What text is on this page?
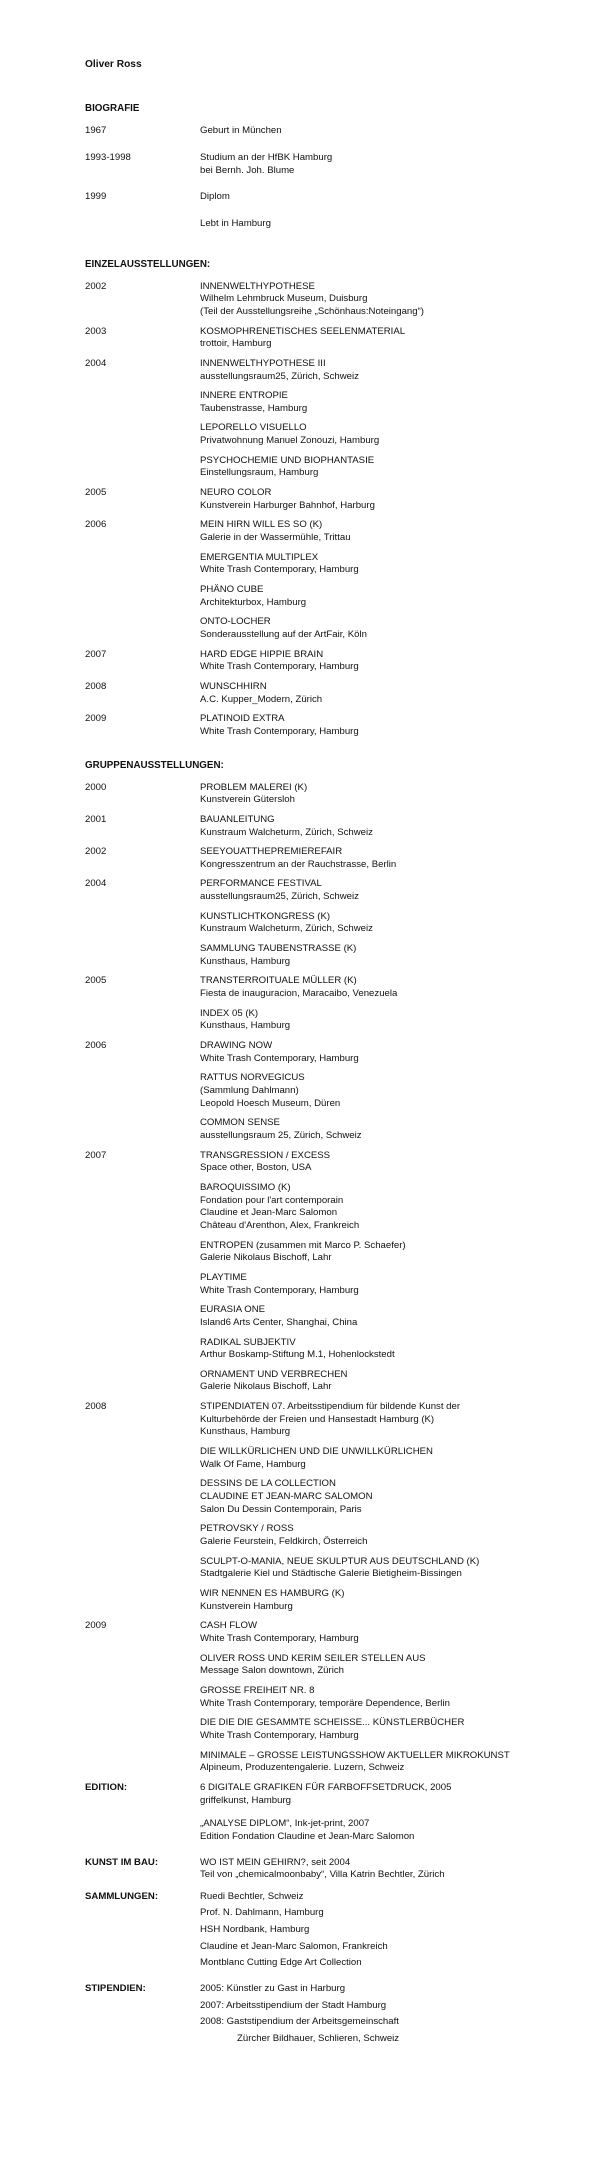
Oliver Ross
BIOGRAFIE
1967	Geburt in München
1993-1998	Studium an der HfBK Hamburg
bei Bernh. Joh. Blume
1999	Diplom
Lebt in Hamburg
EINZELAUSSTELLUNGEN:
2002	INNENWELTHYPOTHESE
Wilhelm Lehmbruck Museum, Duisburg
(Teil der Ausstellungsreihe „Schönhaus:Noteingang“)
2003	KOSMOPHRENETISCHES SEELENMATERIAL
trottoir, Hamburg
2004	INNENWELTHYPOTHESE III
ausstellungsraum25, Zürich, Schweiz
INNERE ENTROPIE
Taubenstrasse, Hamburg
LEPORELLO VISUELLO
Privatwohnung Manuel Zonouzi, Hamburg
PSYCHOCHEMIE UND BIOPHANTASIE
Einstellungsraum, Hamburg
2005	NEURO COLOR
Kunstverein Harburger Bahnhof, Harburg
2006	MEIN HIRN WILL ES SO (K)
Galerie in der Wassermühle, Trittau
EMERGENTIA MULTIPLEX
White Trash Contemporary, Hamburg
PHÄNO CUBE
Architekturbox, Hamburg
ONTO-LOCHER
Sonderausstellung auf der ArtFair, Köln
2007	HARD EDGE HIPPIE BRAIN
White Trash Contemporary, Hamburg
2008	WUNSCHHIRN
A.C. Kupper_Modern, Zürich
2009	PLATINOID EXTRA
White Trash Contemporary, Hamburg
GRUPPENAUSSTELLUNGEN:
2000	PROBLEM MALEREI (K)
Kunstverein Gütersloh
2001	BAUANLEITUNG
Kunstraum Walcheturm, Zürich, Schweiz
2002	SEEYOUATTHEPREMIEREFAIR
Kongresszentrum an der Rauchstrasse, Berlin
2004	PERFORMANCE FESTIVAL
ausstellungsraum25, Zürich, Schweiz
KUNSTLICHTKONGRESS (K)
Kunstraum Walcheturm, Zürich, Schweiz
SAMMLUNG TAUBENSTRASSE (K)
Kunsthaus, Hamburg
2005	TRANSTERROITUALE MÜLLER (K)
Fiesta de inauguracion, Maracaibo, Venezuela
INDEX 05 (K)
Kunsthaus, Hamburg
2006	DRAWING NOW
White Trash Contemporary, Hamburg
RATTUS NORVEGICUS
(Sammlung Dahlmann)
Leopold Hoesch Museum, Düren
COMMON SENSE
ausstellungsraum 25, Zürich, Schweiz
2007	TRANSGRESSION / EXCESS
Space other, Boston, USA
BAROQUISSIMO (K)
Fondation pour l'art contemporain
Claudine et Jean-Marc Salomon
Château d'Arenthon, Alex, Frankreich
ENTROPEN (zusammen mit Marco P. Schaefer)
Galerie Nikolaus Bischoff, Lahr
PLAYTIME
White Trash Contemporary, Hamburg
EURASIA ONE
Island6 Arts Center, Shanghai, China
RADIKAL SUBJEKTIV
Arthur Boskamp-Stiftung M.1, Hohenlockstedt
ORNAMENT UND VERBRECHEN
Galerie Nikolaus Bischoff, Lahr
2008	STIPENDIATEN 07. Arbeitsstipendium für bildende Kunst der
Kulturbehörde der Freien und Hansestadt Hamburg (K)
Kunsthaus, Hamburg
DIE WILLKÜRLICHEN UND DIE UNWILLKÜRLICHEN
Walk Of Fame, Hamburg
DESSINS DE LA COLLECTION
CLAUDINE ET JEAN-MARC SALOMON
Salon Du Dessin Contemporain, Paris
PETROVSKY / ROSS
Galerie Feurstein, Feldkirch, Österreich
SCULPT-O-MANIA, NEUE SKULPTUR AUS DEUTSCHLAND (K)
Stadtgalerie Kiel und Städtische Galerie Bietigheim-Bissingen
WIR NENNEN ES HAMBURG (K)
Kunstverein Hamburg
2009	CASH FLOW
White Trash Contemporary, Hamburg
OLIVER ROSS UND KERIM SEILER STELLEN AUS
Message Salon downtown, Zürich
GROSSE FREIHEIT NR. 8
White Trash Contemporary, temporäre Dependence, Berlin
DIE DIE DIE GESAMMTE SCHEISSE... KÜNSTLERBÜCHER
White Trash Contemporary, Hamburg
MINIMALE – GROSSE LEISTUNGSSHOW AKTUELLER MIKROKUNST
Alpineum, Produzentengalerie. Luzern, Schweiz
EDITION:	6 DIGITALE GRAFIKEN FÜR FARBOFFSETDRUCK, 2005
griffelkunst, Hamburg
„ANALYSE DIPLOM“, Ink-jet-print, 2007
Edition Fondation Claudine et Jean-Marc Salomon
KUNST IM BAU:	WO IST MEIN GEHIRN?, seit 2004
Teil von „chemicalmoonbaby“, Villa Katrin Bechtler, Zürich
SAMMLUNGEN:	Ruedi Bechtler, Schweiz
Prof. N. Dahlmann, Hamburg
HSH Nordbank, Hamburg
Claudine et Jean-Marc Salomon, Frankreich
Montblanc Cutting Edge Art Collection
STIPENDIEN:	2005: Künstler zu Gast in Harburg
2007: Arbeitsstipendium der Stadt Hamburg
2008: Gaststipendium der Arbeitsgemeinschaft
Zürcher Bildhauer, Schlieren, Schweiz
